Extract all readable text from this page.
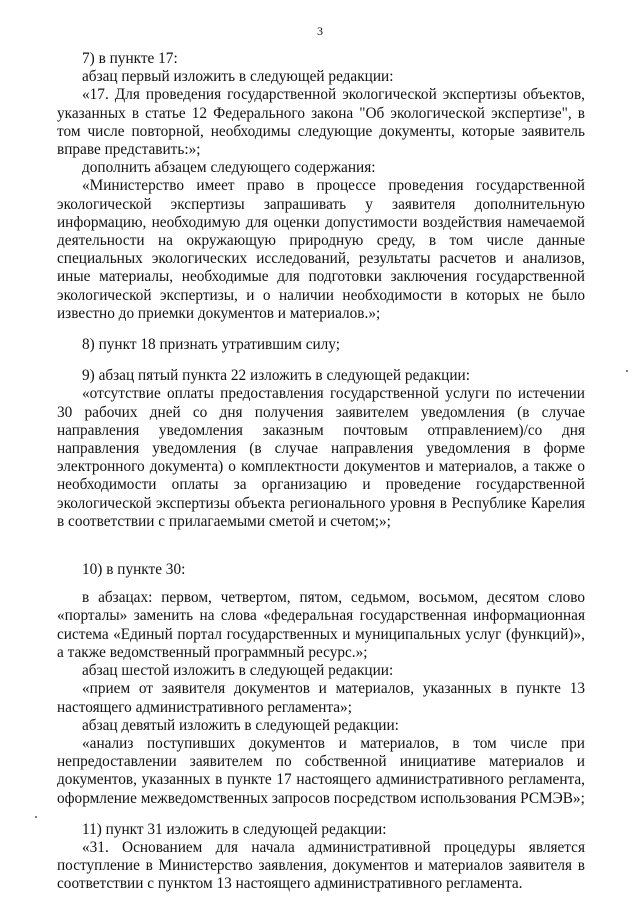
3

7) в пункте 17:

абзац первый изложить в следующей редакции:

«17. Для проведения государственной экологической экспертизы объектов, указанных в статье 12 Федерального закона "Об экологической экспертизе", в том числе повторной, необходимы следующие документы, которые заявитель вправе представить:»;

дополнить абзацем следующего содержания:

«Министерство имеет право в процессе проведения государственной экологической экспертизы запрашивать у заявителя дополнительную информацию, необходимую для оценки допустимости воздействия намечаемой деятельности на окружающую природную среду, в том числе данные специальных экологических исследований, результаты расчетов и анализов, иные материалы, необходимые для подготовки заключения государственной экологической экспертизы, и о наличии необходимости в которых не было известно до приемки документов и материалов.»;

8) пункт 18 признать утратившим силу;

9) абзац пятый пункта 22 изложить в следующей редакции:

«отсутствие оплаты предоставления государственной услуги по истечении 30 рабочих дней со дня получения заявителем уведомления (в случае направления уведомления заказным почтовым отправлением)/со дня направления уведомления (в случае направления уведомления в форме электронного документа) о комплектности документов и материалов, а также о необходимости оплаты за организацию и проведение государственной экологической экспертизы объекта регионального уровня в Республике Карелия в соответствии с прилагаемыми сметой и счетом;»;

10) в пункте 30:

в абзацах: первом, четвертом, пятом, седьмом, восьмом, десятом слово «порталы» заменить на слова «федеральная государственная информационная система «Единый портал государственных и муниципальных услуг (функций)», а также ведомственный программный ресурс.»;

абзац шестой изложить в следующей редакции:

«прием от заявителя документов и материалов, указанных в пункте 13 настоящего административного регламента»;

абзац девятый изложить в следующей редакции:

«анализ поступивших документов и материалов, в том числе при непредоставлении заявителем по собственной инициативе материалов и документов, указанных в пункте 17 настоящего административного регламента, оформление межведомственных запросов посредством использования РСМЭВ»;

11) пункт 31 изложить в следующей редакции:

«31. Основанием для начала административной процедуры является поступление в Министерство заявления, документов и материалов заявителя в соответствии с пунктом 13 настоящего административного регламента.
